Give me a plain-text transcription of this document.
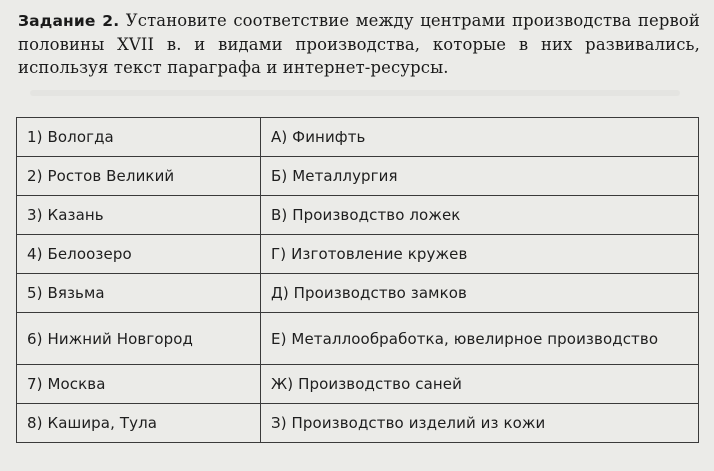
Задание 2. Установите соответствие между центрами производства первой половины XVII в. и видами производства, которые в них развивались, используя текст параграфа и интернет-ресурсы.
1) Вологда	А) Финифть
2) Ростов Великий	Б) Металлургия
3) Казань	В) Производство ложек
4) Белоозеро	Г) Изготовление кружев
5) Вязьма	Д) Производство замков
6) Нижний Новгород	Е) Металлообработка, ювелирное производство
7) Москва	Ж) Производство саней
8) Кашира, Тула	З) Производство изделий из кожи
